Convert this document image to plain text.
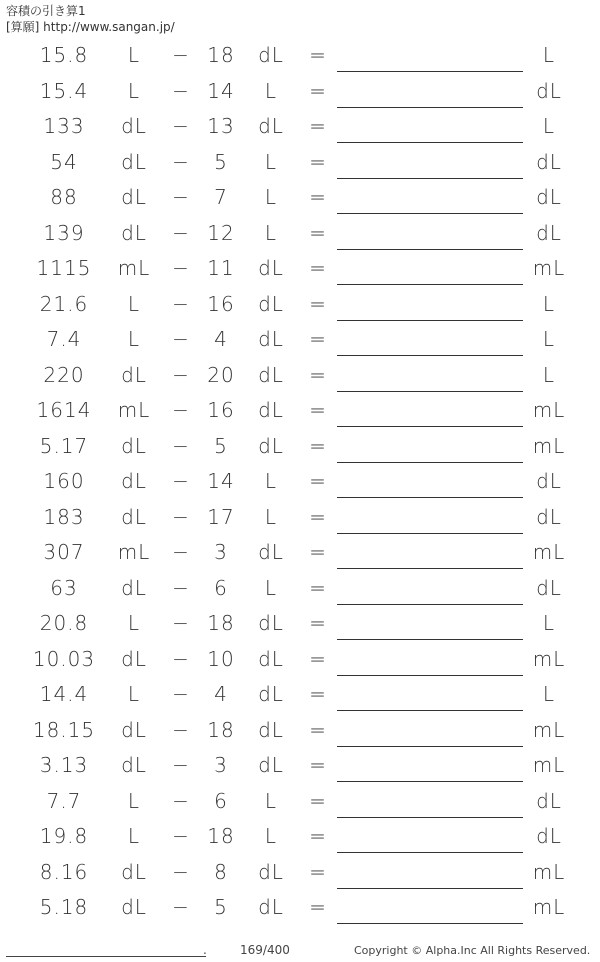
容積の引き算1
[算願] http://www.sangan.jp/
15.8	L	− 18	dL	=	L
15.4	L	− 14	L	=	dL
133	dL	− 13	dL	=	L
54	dL	−	5	L	=	dL
88	dL	−	7	L	=	dL
139	dL	− 12	L	=	dL
1115	mL	− 11	dL	=	mL
21.6	L	− 16	dL	=	L
7.4	L	−	4	dL	=	L
220	dL	− 20	dL	=	L
1614	mL	− 16	dL	=	mL
5.17	dL	−	5	dL	=	mL
160	dL	− 14	L	=	dL
183	dL	− 17	L	=	dL
307	mL	−	3	dL	=	mL
63	dL	−	6	L	=	dL
20.8	L	− 18	dL	=	L
10.03	dL	− 10	dL	=	mL
14.4	L	−	4	dL	=	L
18.15	dL	− 18	dL	=	mL
3.13	dL	−	3	dL	=	mL
7.7	L	−	6	L	=	dL
19.8	L	− 18	L	=	dL
8.16	dL	−	8	dL	=	mL
5.18	dL	−	5	dL	=	mL
.	169/400	Copyright © Alpha.Inc All Rights Reserved.
